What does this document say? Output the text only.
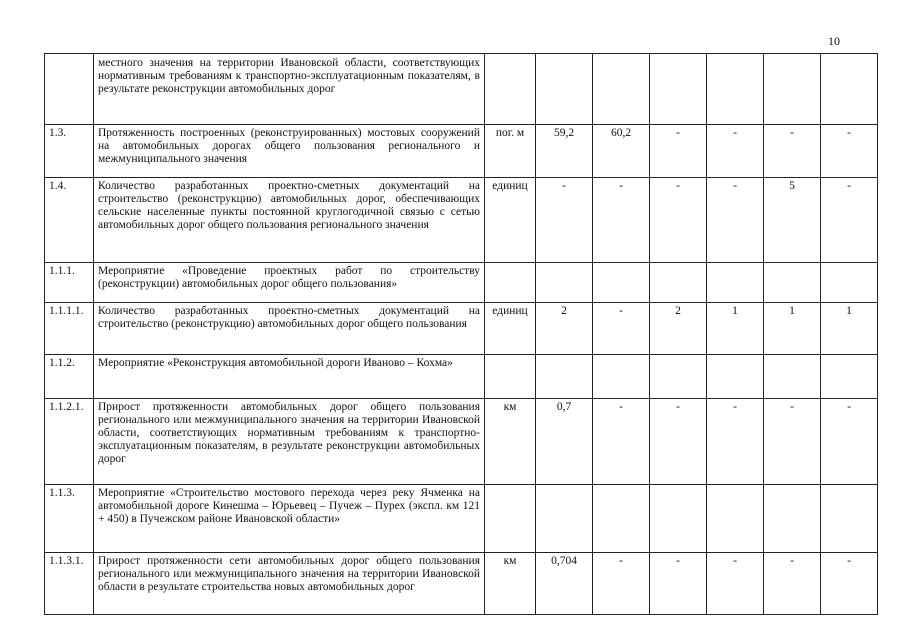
10
	местного значения на территории Ивановской области, соответствующих нормативным требованиям к транспортно-эксплуатационным показателям, в результате реконструкции автомобильных дорог							
1.3.	Протяженность построенных (реконструированных) мостовых сооружений на автомобильных дорогах общего пользования регионального и межмуниципального значения	пог. м	59,2	60,2	-	-	-	-
1.4.	Количество разработанных проектно-сметных документаций на строительство (реконструкцию) автомобильных дорог, обеспечивающих сельские населенные пункты постоянной круглогодичной связью с сетью автомобильных дорог общего пользования регионального значения	единиц	-	-	-	-	5	-
1.1.1.	Мероприятие «Проведение проектных работ по строительству (реконструкции) автомобильных дорог общего пользования»							
1.1.1.1.	Количество разработанных проектно-сметных документаций на строительство (реконструкцию) автомобильных дорог общего пользования	единиц	2	-	2	1	1	1
1.1.2.	Мероприятие «Реконструкция автомобильной дороги Иваново – Кохма»							
1.1.2.1.	Прирост протяженности автомобильных дорог общего пользования регионального или межмуниципального значения на территории Ивановской области, соответствующих нормативным требованиям к транспортно-эксплуатационным показателям, в результате реконструкции автомобильных дорог	км	0,7	-	-	-	-	-
1.1.3.	Мероприятие «Строительство мостового перехода через реку Ячменка на автомобильной дороге Кинешма – Юрьевец – Пучеж – Пурех (экспл. км 121 + 450) в Пучежском районе Ивановской области»							
1.1.3.1.	Прирост протяженности сети автомобильных дорог общего пользования регионального или межмуниципального значения на территории Ивановской области в результате строительства новых автомобильных дорог	км	0,704	-	-	-	-	-
